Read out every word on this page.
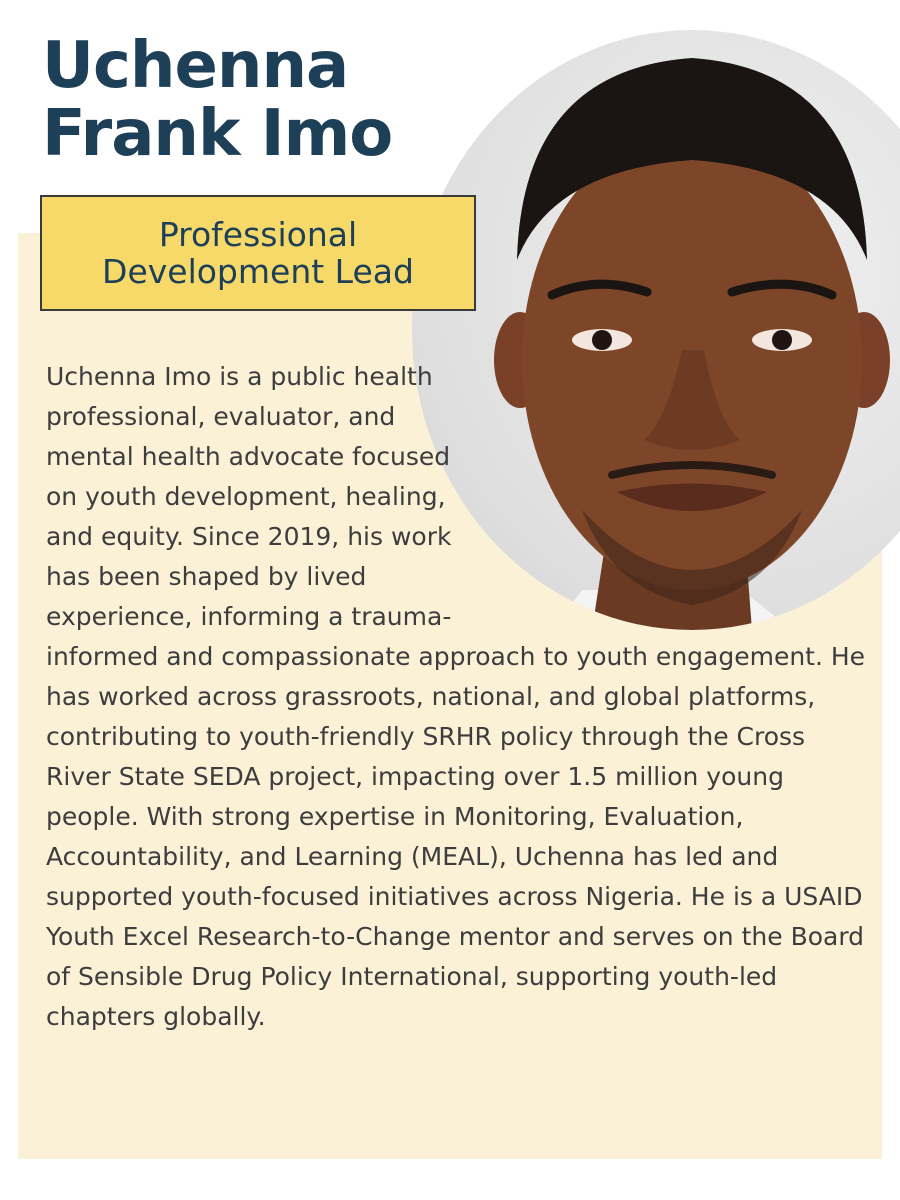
Uchenna
Frank Imo
Professional
Development Lead

Uchenna Imo is a public health professional, evaluator, and mental health advocate focused on youth development, healing, and equity. Since 2019, his work has been shaped by lived experience, informing a trauma-informed and compassionate approach to youth engagement. He has worked across grassroots, national, and global platforms, contributing to youth-friendly SRHR policy through the Cross River State SEDA project, impacting over 1.5 million young people. With strong expertise in Monitoring, Evaluation, Accountability, and Learning (MEAL), Uchenna has led and supported youth-focused initiatives across Nigeria. He is a USAID Youth Excel Research-to-Change mentor and serves on the Board of Sensible Drug Policy International, supporting youth-led chapters globally.
